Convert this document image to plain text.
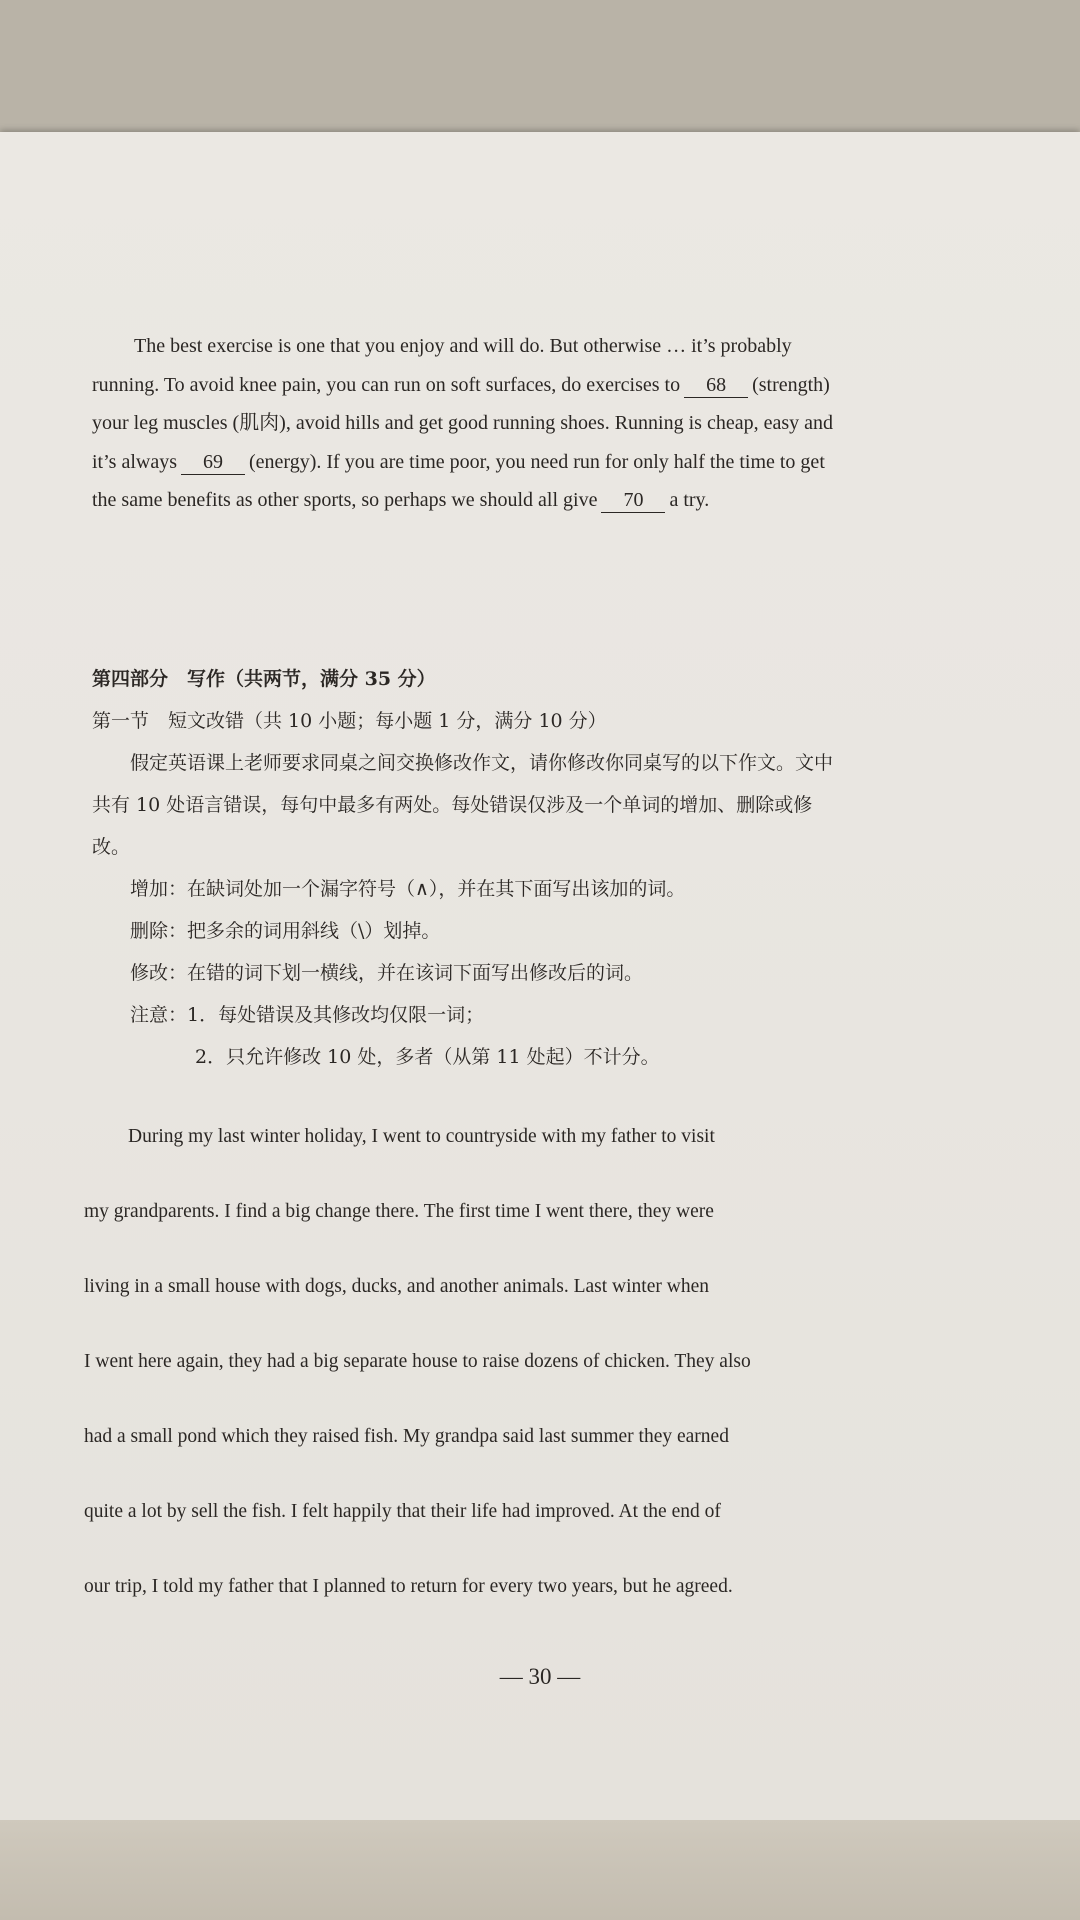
The best exercise is one that you enjoy and will do. But otherwise … it’s probably
running. To avoid knee pain, you can run on soft surfaces, do exercises to 68 (strength)
your leg muscles (肌肉), avoid hills and get good running shoes. Running is cheap, easy and
it’s always 69 (energy). If you are time poor, you need run for only half the time to get
the same benefits as other sports, so perhaps we should all give 70 a try.
第四部分　写作（共两节，满分 35 分）
第一节　短文改错（共 10 小题；每小题 1 分，满分 10 分）
假定英语课上老师要求同桌之间交换修改作文，请你修改你同桌写的以下作文。文中
共有 10 处语言错误，每句中最多有两处。每处错误仅涉及一个单词的增加、删除或修
改。
增加：在缺词处加一个漏字符号（∧），并在其下面写出该加的词。
删除：把多余的词用斜线（\）划掉。
修改：在错的词下划一横线，并在该词下面写出修改后的词。
注意：1．每处错误及其修改均仅限一词；
2．只允许修改 10 处，多者（从第 11 处起）不计分。
During my last winter holiday, I went to countryside with my father to visit
my grandparents. I find a big change there. The first time I went there, they were
living in a small house with dogs, ducks, and another animals. Last winter when
I went here again, they had a big separate house to raise dozens of chicken. They also
had a small pond which they raised fish. My grandpa said last summer they earned
quite a lot by sell the fish. I felt happily that their life had improved. At the end of
our trip, I told my father that I planned to return for every two years, but he agreed.
— 30 —
